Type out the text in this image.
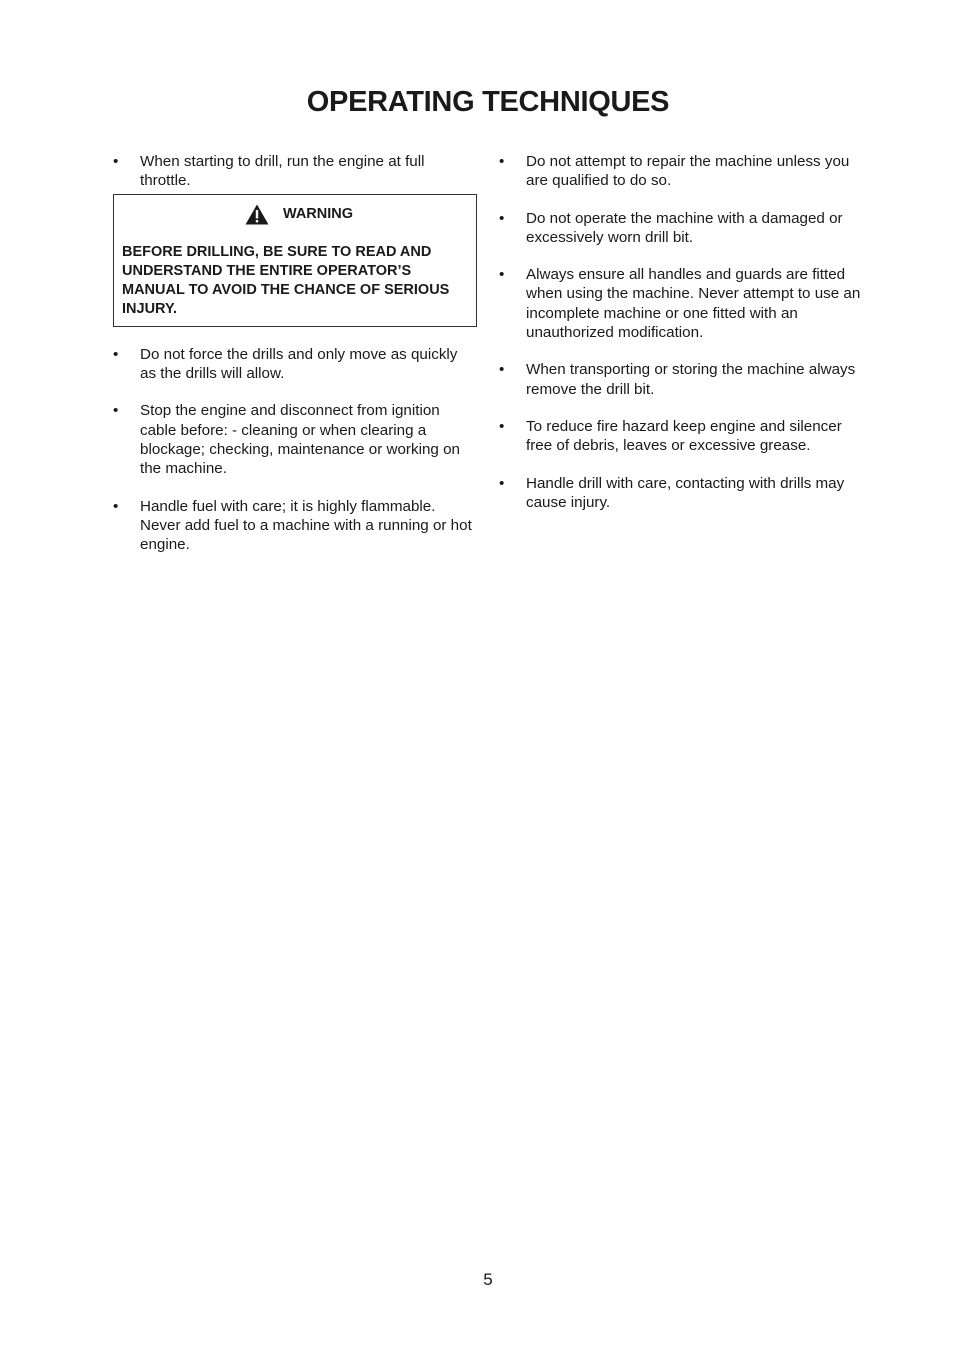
OPERATING TECHNIQUES
•	When starting to drill, run the engine at full throttle.
WARNING
BEFORE DRILLING, BE SURE TO READ AND UNDERSTAND THE ENTIRE OPERATOR’S MANUAL TO AVOID THE CHANCE OF SERIOUS INJURY.
•	Do not force the drills and only move as quickly as the drills will allow.
•	Stop the engine and disconnect from ignition cable before: - cleaning or when clearing a blockage; checking, maintenance or working on the machine.
•	Handle fuel with care; it is highly flammable. Never add fuel to a machine with a running or hot engine.
•	Do not attempt to repair the machine unless you are qualified to do so.
•	Do not operate the machine with a damaged or excessively worn drill bit.
•	Always ensure all handles and guards are fitted when using the machine. Never attempt to use an incomplete machine or one fitted with an unauthorized modification.
•	When transporting or storing the machine always remove the drill bit.
•	To reduce fire hazard keep engine and silencer free of debris, leaves or excessive grease.
•	Handle drill with care, contacting with drills may cause injury.
5
